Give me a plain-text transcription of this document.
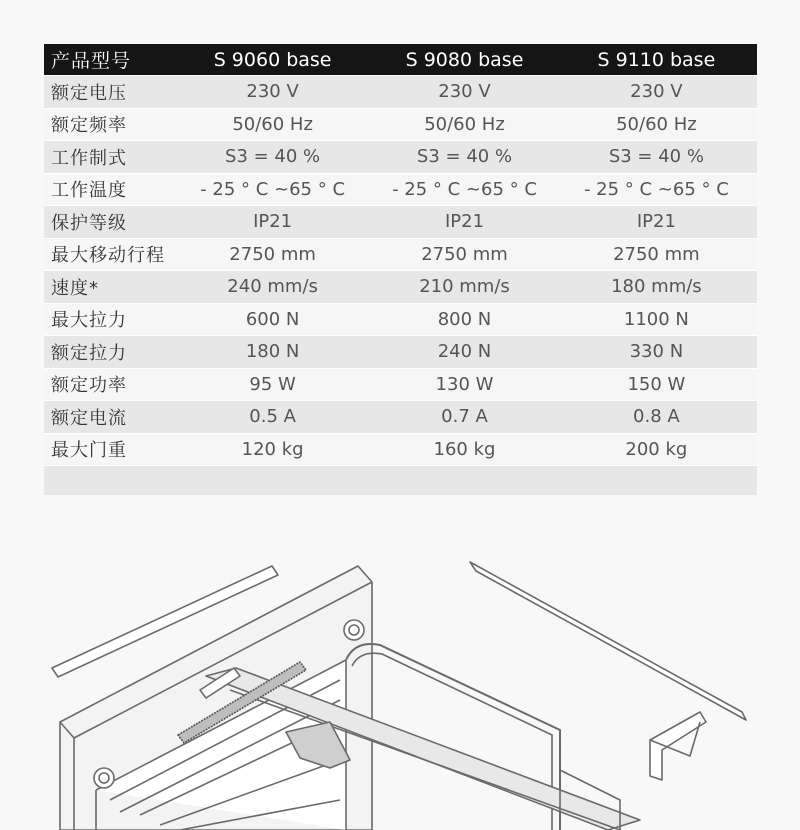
产品型号	S 9060 base	S 9080 base	S 9110 base
额定电压	230 V	230 V	230 V
额定频率	50/60 Hz	50/60 Hz	50/60 Hz
工作制式	S3 = 40 %	S3 = 40 %	S3 = 40 %
工作温度	- 25 ° C ~65 ° C	- 25 ° C ~65 ° C	- 25 ° C ~65 ° C
保护等级	IP21	IP21	IP21
最大移动行程	2750 mm	2750 mm	2750 mm
速度*	240 mm/s	210 mm/s	180 mm/s
最大拉力	600 N	800 N	1100 N
额定拉力	180 N	240 N	330 N
额定功率	95 W	130 W	150 W
额定电流	0.5 A	0.7 A	0.8 A
最大门重	120 kg	160 kg	200 kg
